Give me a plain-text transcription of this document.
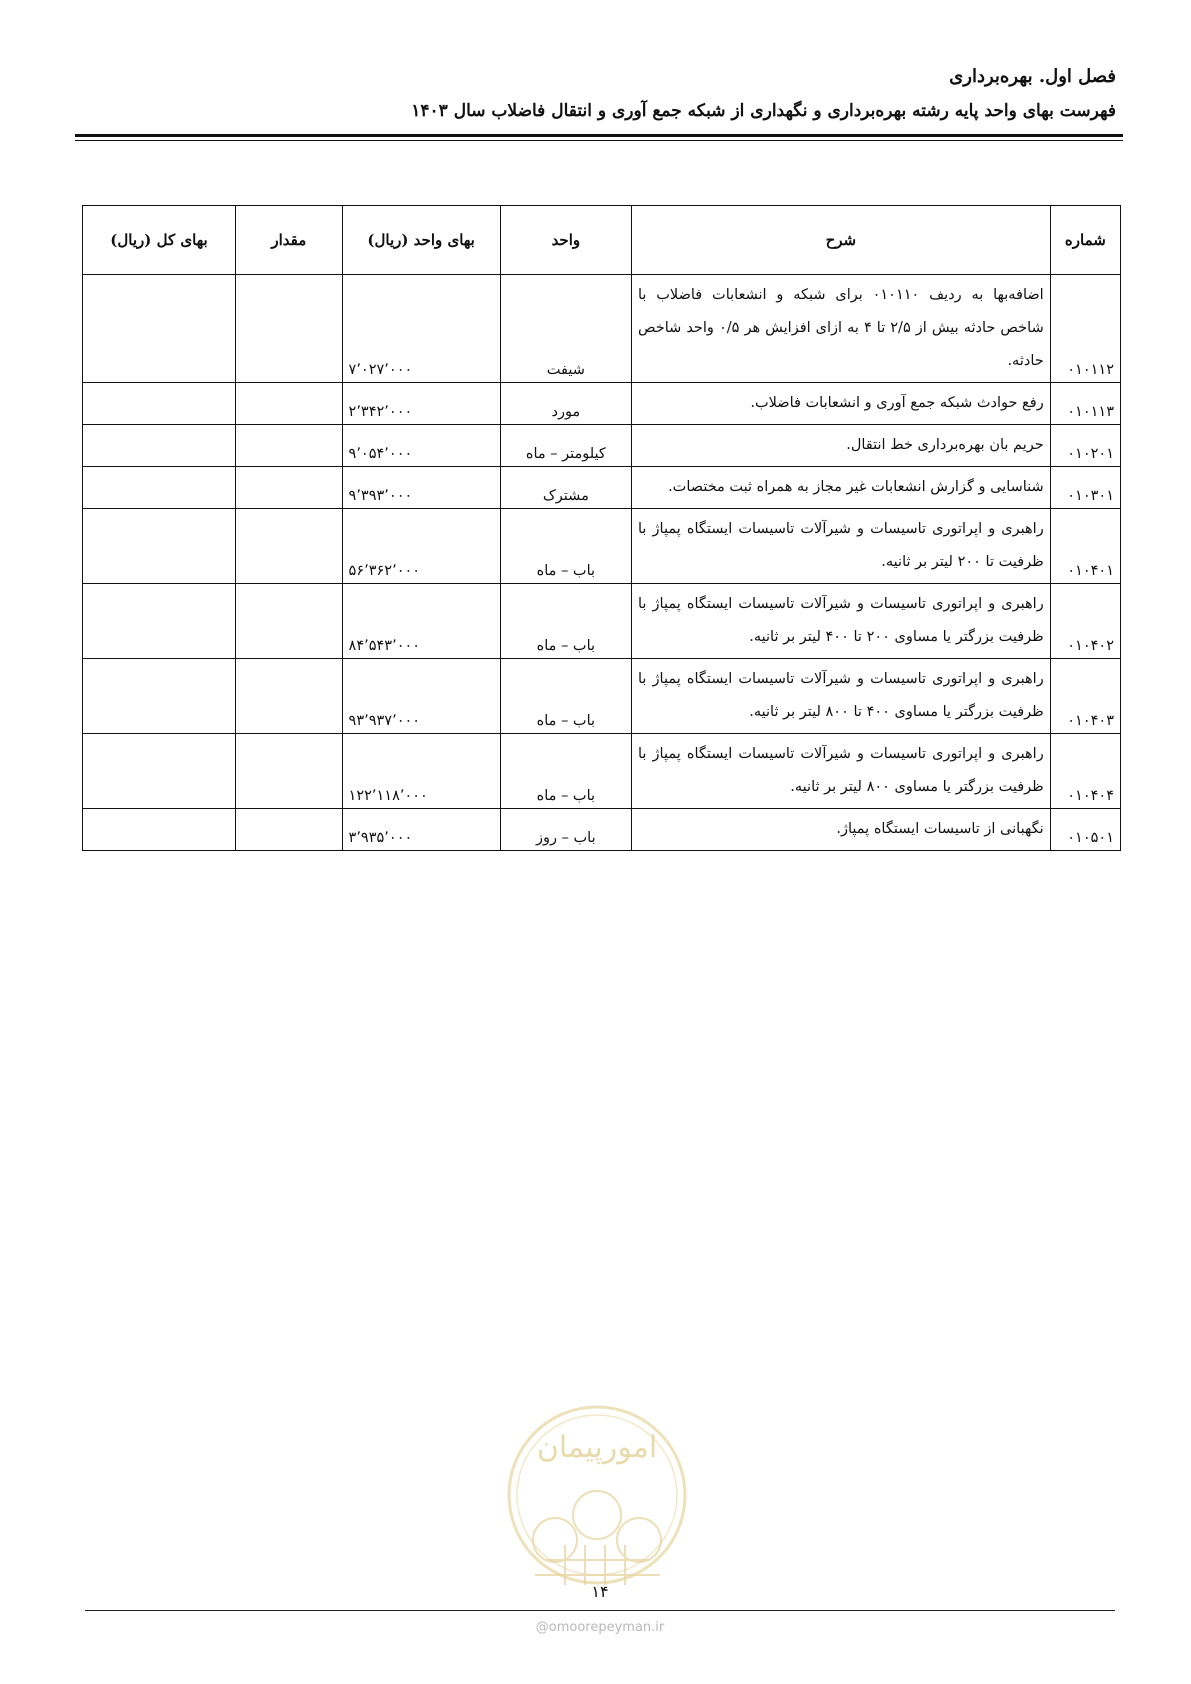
فصل اول. بهره‌برداری
فهرست بهای واحد پایه رشته بهره‌برداری و نگهداری از شبکه جمع آوری و انتقال فاضلاب سال ۱۴۰۳
شماره	شرح	واحد	بهای واحد (ریال)	مقدار	بهای کل (ریال)
۰۱۰۱۱۲	اضافه‌بها به ردیف ۰۱۰۱۱۰ برای شبکه و انشعابات فاضلاب با شاخص حادثه بیش از ۲/۵ تا ۴ به ازای افزایش هر ۰/۵ واحد شاخص حادثه.	شیفت	۷٬۰۲۷٬۰۰۰		
۰۱۰۱۱۳	رفع حوادث شبکه جمع آوری و انشعابات فاضلاب.	مورد	۲٬۳۴۲٬۰۰۰		
۰۱۰۲۰۱	حریم بان بهره‌برداری خط انتقال.	کیلومتر – ماه	۹٬۰۵۴٬۰۰۰		
۰۱۰۳۰۱	شناسایی و گزارش انشعابات غیر مجاز به همراه ثبت مختصات.	مشترک	۹٬۳۹۳٬۰۰۰		
۰۱۰۴۰۱	راهبری و اپراتوری تاسیسات و شیرآلات تاسیسات ایستگاه پمپاژ با ظرفیت تا ۲۰۰ لیتر بر ثانیه.	باب – ماه	۵۶٬۳۶۲٬۰۰۰		
۰۱۰۴۰۲	راهبری و اپراتوری تاسیسات و شیرآلات تاسیسات ایستگاه پمپاژ با ظرفیت بزرگتر یا مساوی ۲۰۰ تا ۴۰۰ لیتر بر ثانیه.	باب – ماه	۸۴٬۵۴۳٬۰۰۰		
۰۱۰۴۰۳	راهبری و اپراتوری تاسیسات و شیرآلات تاسیسات ایستگاه پمپاژ با ظرفیت بزرگتر یا مساوی ۴۰۰ تا ۸۰۰ لیتر بر ثانیه.	باب – ماه	۹۳٬۹۳۷٬۰۰۰		
۰۱۰۴۰۴	راهبری و اپراتوری تاسیسات و شیرآلات تاسیسات ایستگاه پمپاژ با ظرفیت بزرگتر یا مساوی ۸۰۰ لیتر بر ثانیه.	باب – ماه	۱۲۲٬۱۱۸٬۰۰۰		
۰۱۰۵۰۱	نگهبانی از تاسیسات ایستگاه پمپاژ.	باب – روز	۳٬۹۳۵٬۰۰۰		
امورپیمان
۱۴
@omoorepeyman.ir
